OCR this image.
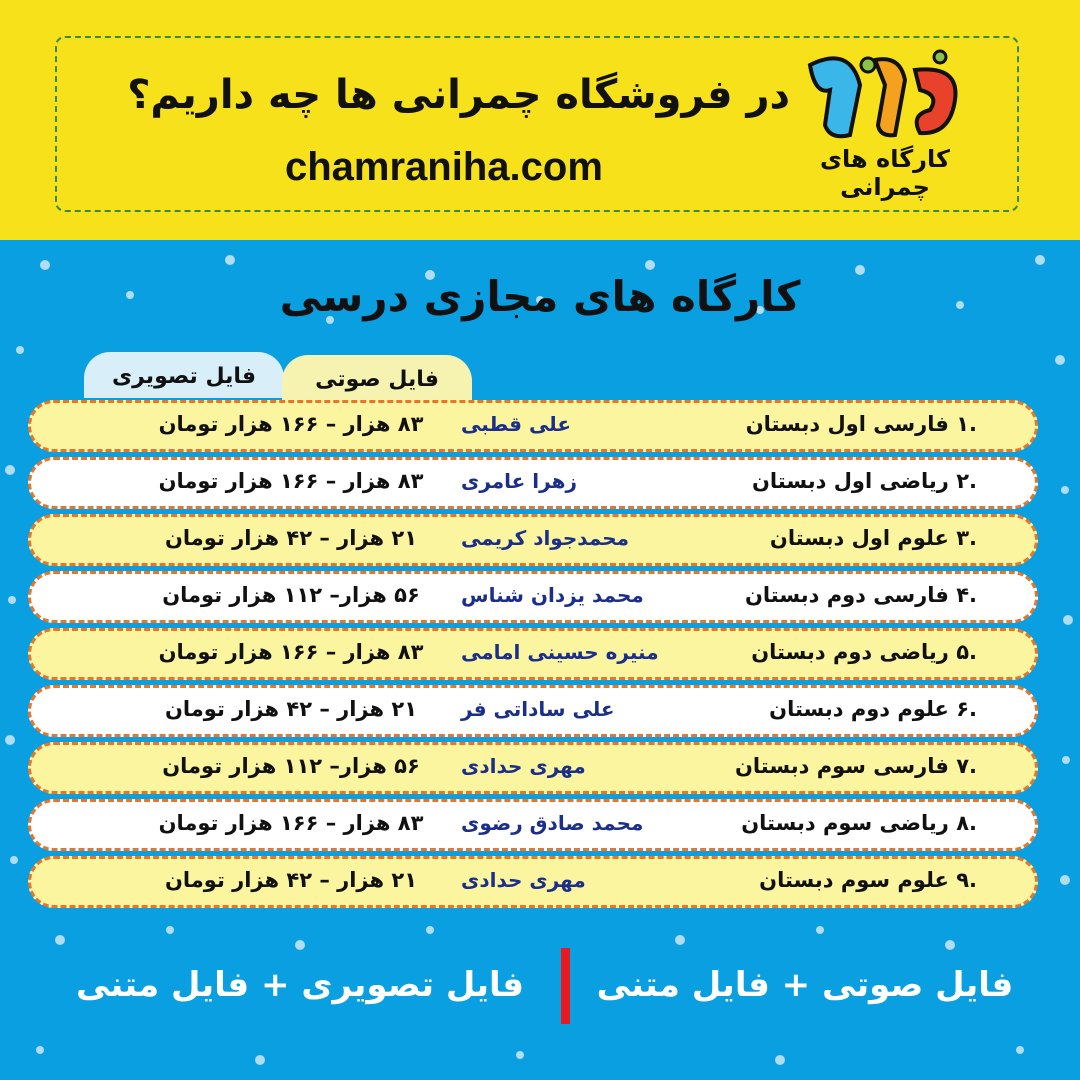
در فروشگاه چمرانی ها چه داریم؟
chamraniha.com	کارگاه های
چمرانی
کارگاه های مجازی درسی
فایل تصویری	فایل صوتی
.۱ فارسی اول دبستان
علی قطبی
۸۳ هزار – ۱۶۶ هزار تومان
.۲ ریاضی اول دبستان
زهرا عامری
۸۳ هزار – ۱۶۶ هزار تومان
.۳ علوم اول دبستان
محمدجواد کریمی
۲۱ هزار – ۴۲ هزار تومان
.۴ فارسی دوم دبستان
محمد یزدان شناس
۵۶ هزار– ۱۱۲ هزار تومان
.۵ ریاضی دوم دبستان
منیره حسینی امامی
۸۳ هزار – ۱۶۶ هزار تومان
.۶ علوم دوم دبستان
علی ساداتی فر
۲۱ هزار – ۴۲ هزار تومان
.۷ فارسی سوم دبستان
مهری حدادی
۵۶ هزار– ۱۱۲ هزار تومان
.۸ ریاضی سوم دبستان
محمد صادق رضوی
۸۳ هزار – ۱۶۶ هزار تومان
.۹ علوم سوم دبستان
مهری حدادی
۲۱ هزار – ۴۲ هزار تومان
فایل تصویری + فایل متنی	فایل صوتی + فایل متنی
